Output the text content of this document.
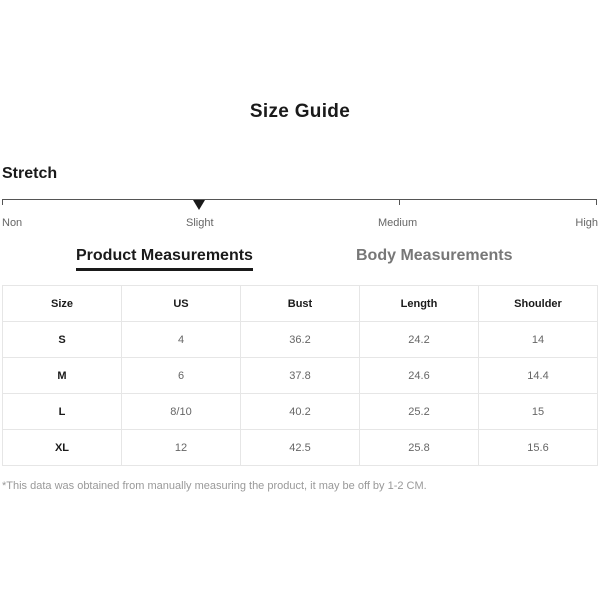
Size Guide
Stretch
Non	Slight	Medium	High
Product Measurements	Body Measurements
Size	US	Bust	Length	Shoulder
S	4	36.2	24.2	14
M	6	37.8	24.6	14.4
L	8/10	40.2	25.2	15
XL	12	42.5	25.8	15.6
*This data was obtained from manually measuring the product, it may be off by 1-2 CM.
